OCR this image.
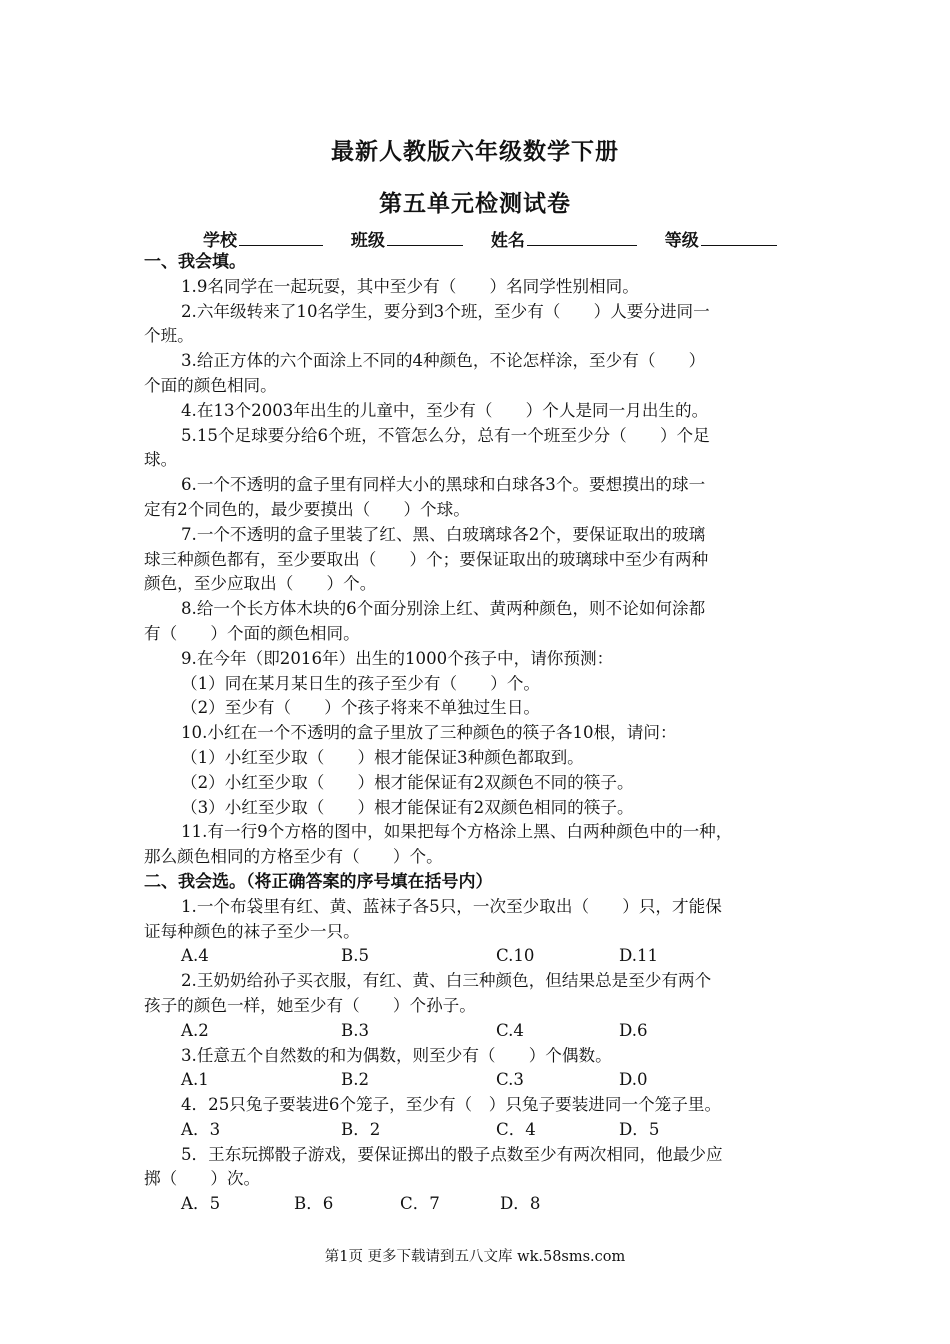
最新人教版六年级数学下册
第五单元检测试卷
学校	班级	姓名	等级
一、我会填。
1.9名同学在一起玩耍，其中至少有（　　）名同学性别相同。
2.六年级转来了10名学生，要分到3个班，至少有（　　）人要分进同一
个班。
3.给正方体的六个面涂上不同的4种颜色，不论怎样涂，至少有（　　）
个面的颜色相同。
4.在13个2003年出生的儿童中，至少有（　　）个人是同一月出生的。
5.15个足球要分给6个班，不管怎么分，总有一个班至少分（　　）个足
球。
6.一个不透明的盒子里有同样大小的黑球和白球各3个。要想摸出的球一
定有2个同色的，最少要摸出（　　）个球。
7.一个不透明的盒子里装了红、黑、白玻璃球各2个，要保证取出的玻璃
球三种颜色都有，至少要取出（　　）个；要保证取出的玻璃球中至少有两种
颜色，至少应取出（　　）个。
8.给一个长方体木块的6个面分别涂上红、黄两种颜色，则不论如何涂都
有（　　）个面的颜色相同。
9.在今年（即2016年）出生的1000个孩子中，请你预测：
（1）同在某月某日生的孩子至少有（　　）个。
（2）至少有（　　）个孩子将来不单独过生日。
10.小红在一个不透明的盒子里放了三种颜色的筷子各10根，请问：
（1）小红至少取（　　）根才能保证3种颜色都取到。
（2）小红至少取（　　）根才能保证有2双颜色不同的筷子。
（3）小红至少取（　　）根才能保证有2双颜色相同的筷子。
11.有一行9个方格的图中，如果把每个方格涂上黑、白两种颜色中的一种，
那么颜色相同的方格至少有（　　）个。
二、我会选。（将正确答案的序号填在括号内）
1.一个布袋里有红、黄、蓝袜子各5只，一次至少取出（　　）只，才能保
证每种颜色的袜子至少一只。
A.4	B.5	C.10	D.11
2.王奶奶给孙子买衣服，有红、黄、白三种颜色，但结果总是至少有两个
孩子的颜色一样，她至少有（　　）个孙子。
A.2	B.3	C.4	D.6
3.任意五个自然数的和为偶数，则至少有（　　）个偶数。
A.1	B.2	C.3	D.0
4．25只兔子要装进6个笼子，至少有（　）只兔子要装进同一个笼子里。
A．3	B．2	C．4	D．5
5．王东玩掷骰子游戏，要保证掷出的骰子点数至少有两次相同，他最少应
掷（　　）次。
A．5	B．6	C．7	D．8
第1页 更多下载请到五八文库 wk.58sms.com
